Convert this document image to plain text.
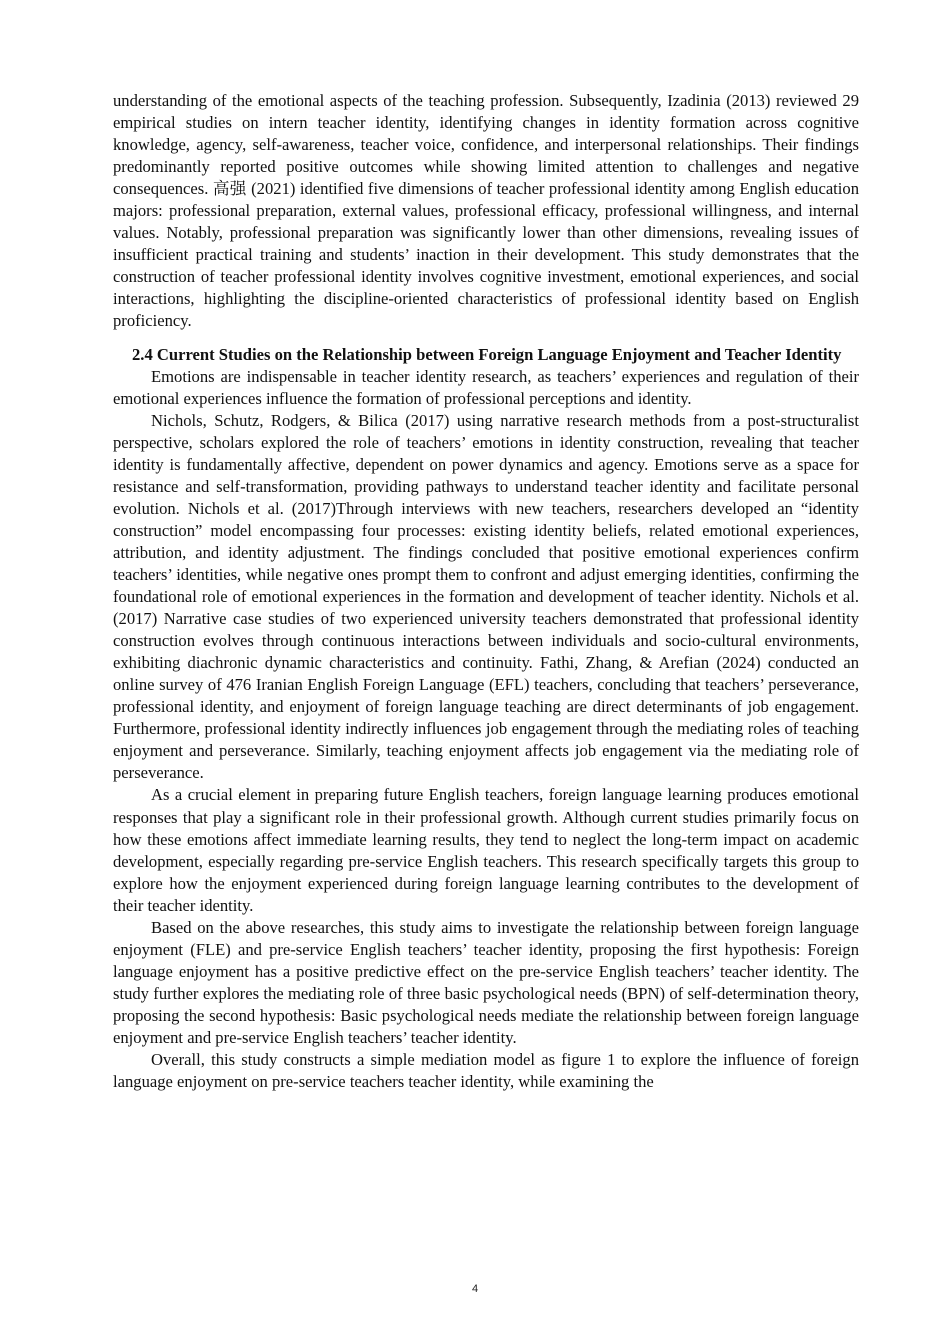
understanding of the emotional aspects of the teaching profession. Subsequently, Izadinia (2013) reviewed 29 empirical studies on intern teacher identity, identifying changes in identity formation across cognitive knowledge, agency, self-awareness, teacher voice, confidence, and interpersonal relationships. Their findings predominantly reported positive outcomes while showing limited attention to challenges and negative consequences. 高强 (2021) identified five dimensions of teacher professional identity among English education majors: professional preparation, external values, professional efficacy, professional willingness, and internal values. Notably, professional preparation was significantly lower than other dimensions, revealing issues of insufficient practical training and students’ inaction in their development. This study demonstrates that the construction of teacher professional identity involves cognitive investment, emotional experiences, and social interactions, highlighting the discipline-oriented characteristics of professional identity based on English proficiency.

2.4 Current Studies on the Relationship between Foreign Language Enjoyment and Teacher Identity

Emotions are indispensable in teacher identity research, as teachers’ experiences and regulation of their emotional experiences influence the formation of professional perceptions and identity.

Nichols, Schutz, Rodgers, & Bilica (2017) using narrative research methods from a post-structuralist perspective, scholars explored the role of teachers’ emotions in identity construction, revealing that teacher identity is fundamentally affective, dependent on power dynamics and agency. Emotions serve as a space for resistance and self-transformation, providing pathways to understand teacher identity and facilitate personal evolution. Nichols et al. (2017)Through interviews with new teachers, researchers developed an “identity construction” model encompassing four processes: existing identity beliefs, related emotional experiences, attribution, and identity adjustment. The findings concluded that positive emotional experiences confirm teachers’ identities, while negative ones prompt them to confront and adjust emerging identities, confirming the foundational role of emotional experiences in the formation and development of teacher identity. Nichols et al. (2017) Narrative case studies of two experienced university teachers demonstrated that professional identity construction evolves through continuous interactions between individuals and socio-cultural environments, exhibiting diachronic dynamic characteristics and continuity. Fathi, Zhang, & Arefian (2024) conducted an online survey of 476 Iranian English Foreign Language (EFL) teachers, concluding that teachers’ perseverance, professional identity, and enjoyment of foreign language teaching are direct determinants of job engagement. Furthermore, professional identity indirectly influences job engagement through the mediating roles of teaching enjoyment and perseverance. Similarly, teaching enjoyment affects job engagement via the mediating role of perseverance.

As a crucial element in preparing future English teachers, foreign language learning produces emotional responses that play a significant role in their professional growth. Although current studies primarily focus on how these emotions affect immediate learning results, they tend to neglect the long-term impact on academic development, especially regarding pre-service English teachers. This research specifically targets this group to explore how the enjoyment experienced during foreign language learning contributes to the development of their teacher identity.

Based on the above researches, this study aims to investigate the relationship between foreign language enjoyment (FLE) and pre-service English teachers’ teacher identity, proposing the first hypothesis: Foreign language enjoyment has a positive predictive effect on the pre-service English teachers’ teacher identity. The study further explores the mediating role of three basic psychological needs (BPN) of self-determination theory, proposing the second hypothesis: Basic psychological needs mediate the relationship between foreign language enjoyment and pre-service English teachers’ teacher identity.

Overall, this study constructs a simple mediation model as figure 1 to explore the influence of foreign language enjoyment on pre-service teachers teacher identity, while examining the

4
